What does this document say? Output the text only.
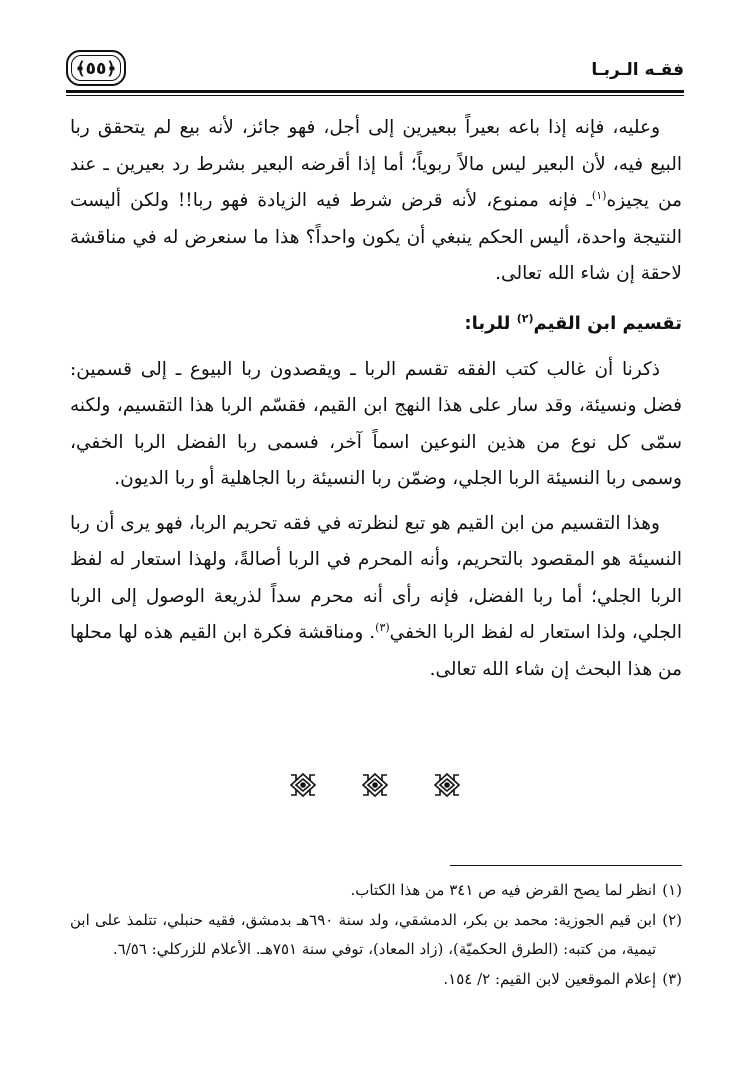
فقـه الـربـا
﴿٥٥﴾

وعليه، فإنه إذا باعه بعيراً ببعيرين إلى أجل، فهو جائز، لأنه بيع لم يتحقق ربا البيع فيه، لأن البعير ليس مالاً ربوياً؛ أما إذا أقرضه البعير بشرط رد بعيرين ـ عند من يجيزه$^{(١)}$ـ فإنه ممنوع، لأنه قرض شرط فيه الزيادة فهو ربا!! ولكن أليست النتيجة واحدة، أليس الحكم ينبغي أن يكون واحداً؟ هذا ما سنعرض له في مناقشة لاحقة إن شاء الله تعالى.

تقسيم ابن القيم$^{(٢)}$ للربا:

ذكرنا أن غالب كتب الفقه تقسم الربا ـ ويقصدون ربا البيوع ـ إلى قسمين: فضل ونسيئة، وقد سار على هذا النهج ابن القيم، فقسّم الربا هذا التقسيم، ولكنه سمّى كل نوع من هذين النوعين اسماً آخر، فسمى ربا الفضل الربا الخفي، وسمى ربا النسيئة الربا الجلي، وضمّن ربا النسيئة ربا الجاهلية أو ربا الديون.

وهذا التقسيم من ابن القيم هو تبع لنظرته في فقه تحريم الربا، فهو يرى أن ربا النسيئة هو المقصود بالتحريم، وأنه المحرم في الربا أصالةً، ولهذا استعار له لفظ الربا الجلي؛ أما ربا الفضل، فإنه رأى أنه محرم سداً لذريعة الوصول إلى الربا الجلي، ولذا استعار له لفظ الربا الخفي$^{(٣)}$. ومناقشة فكرة ابن القيم هذه لها محلها من هذا البحث إن شاء الله تعالى.

(١)
انظر لما يصح القرض فيه ص ٣٤١ من هذا الكتاب.
(٢)
ابن قيم الجوزية: محمد بن بكر، الدمشقي، ولد سنة ٦٩٠هـ بدمشق، فقيه حنبلي، تتلمذ على ابن تيمية، من كتبه: (الطرق الحكميّة)، (زاد المعاد)، توفي سنة ٧٥١هـ. الأعلام للزركلي: ٦/٥٦.
(٣)
إعلام الموقعين لابن القيم: ٢/ ١٥٤.
